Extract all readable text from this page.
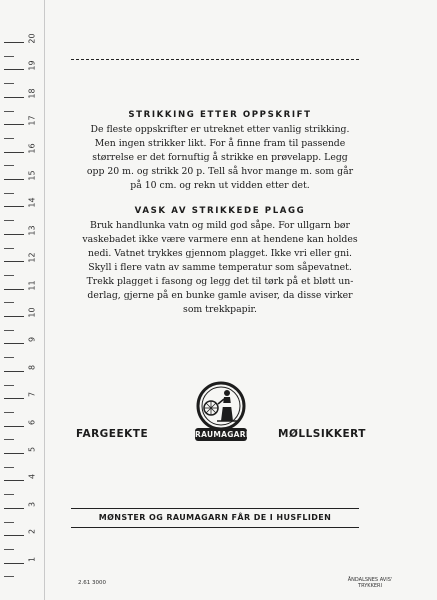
20
19
18
17
16
15
14
13
12
11
10
9
8
7
6
5
4
3
2
1

STRIKKING ETTER OPPSKRIFT

De fleste oppskrifter er utreknet etter vanlig strikking.

Men ingen strikker likt. For å finne fram til passende

størrelse er det fornuftig å strikke en prøvelapp. Legg

opp 20 m. og strikk 20 p. Tell så hvor mange m. som går

på 10 cm. og rekn ut vidden etter det.

VASK AV STRIKKEDE PLAGG

Bruk handlunka vatn og mild god såpe. For ullgarn bør

vaskebadet ikke være varmere enn at hendene kan holdes

nedi. Vatnet trykkes gjennom plagget. Ikke vri eller gni.

Skyll i flere vatn av samme temperatur som såpevatnet.

Trekk plagget i fasong og legg det til tørk på et bløtt un-

derlag, gjerne på en bunke gamle aviser, da disse virker

som trekkpapir.

FARGEEKTE	RAUMAGARN MØLLSIKKERT
MØNSTER OG RAUMAGARN FÅR DE I HUSFLIDEN
2.61 3000	ÅNDALSNES AVIS'
TRYKKERI
